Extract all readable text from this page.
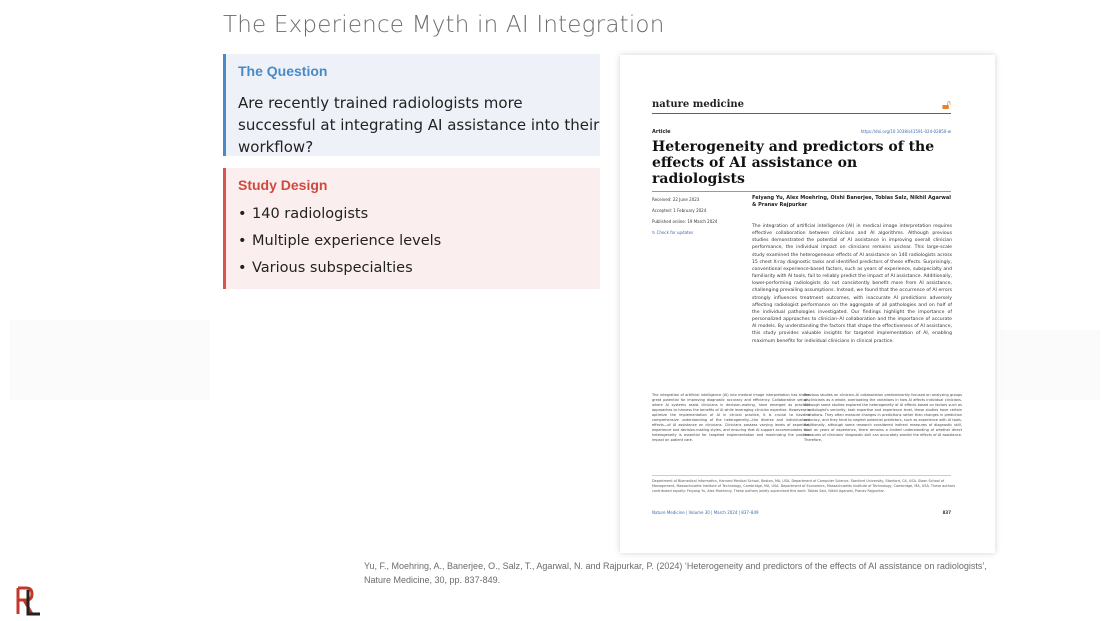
The Experience Myth in AI Integration
The Question

Are recently trained radiologists more successful at integrating AI assistance into their workflow?

Study Design
• 140 radiologists
• Multiple experience levels
• Various subspecialties
nature medicine	🔓︎
Article	https://doi.org/10.1038/s41591-024-02850-w
Heterogeneity and predictors of the effects of AI assistance on radiologists
Received: 22 June 2023
Accepted: 1 February 2024
Published online: 19 March 2024
↻ Check for updates
Feiyang Yu, Alex Moehring, Oishi Banerjee, Tobias Salz, Nikhil Agarwal & Pranav Rajpurkar
The integration of artificial intelligence (AI) in medical image interpretation requires effective collaboration between clinicians and AI algorithms. Although previous studies demonstrated the potential of AI assistance in improving overall clinician performance, the individual impact on clinicians remains unclear. This large-scale study examined the heterogeneous effects of AI assistance on 140 radiologists across 15 chest X-ray diagnostic tasks and identified predictors of these effects. Surprisingly, conventional experience-based factors, such as years of experience, subspecialty and familiarity with AI tools, fail to reliably predict the impact of AI assistance. Additionally, lower-performing radiologists do not consistently benefit more from AI assistance, challenging prevailing assumptions. Instead, we found that the occurrence of AI errors strongly influences treatment outcomes, with inaccurate AI predictions adversely affecting radiologist performance on the aggregate of all pathologies and on half of the individual pathologies investigated. Our findings highlight the importance of personalized approaches to clinician–AI collaboration and the importance of accurate AI models. By understanding the factors that shape the effectiveness of AI assistance, this study provides valuable insights for targeted implementation of AI, enabling maximum benefits for individual clinicians in clinical practice.
The integration of artificial intelligence (AI) into medical image interpretation has shown great potential for improving diagnostic accuracy and efficiency. Collaborative setups, where AI systems assist clinicians in decision-making, have emerged as practical approaches to harness the benefits of AI while leveraging clinician expertise. However, to optimize the implementation of AI in clinical practice, it is crucial to have a comprehensive understanding of the heterogeneity—the diverse and individualized effects—of AI assistance on clinicians. Clinicians possess varying levels of expertise, experience and decision-making styles, and ensuring that AI support accommodates this heterogeneity is essential for targeted implementation and maximizing the positive impact on patient care.
Previous studies on clinician–AI collaboration predominantly focused on analyzing groups of clinicians as a whole, overlooking the variations in how AI affects individual clinicians. Although some studies explored the heterogeneity of AI effects based on factors such as a radiologist's seniority, task expertise and experience level, these studies have certain limitations. They often measure changes in predictions rather than changes in prediction accuracy, and they tend to neglect potential predictors, such as experience with AI tools. Additionally, although some research considered indirect measures of diagnostic skill, such as years of experience, there remains a limited understanding of whether direct measures of clinicians' diagnostic skill can accurately predict the effects of AI assistance. Therefore,
Department of Biomedical Informatics, Harvard Medical School, Boston, MA, USA. Department of Computer Science, Stanford University, Stanford, CA, USA. Sloan School of Management, Massachusetts Institute of Technology, Cambridge, MA, USA. Department of Economics, Massachusetts Institute of Technology, Cambridge, MA, USA. These authors contributed equally: Feiyang Yu, Alex Moehring. These authors jointly supervised this work: Tobias Salz, Nikhil Agarwal, Pranav Rajpurkar.
Nature Medicine | Volume 30 | March 2024 | 837–849	837
Yu, F., Moehring, A., Banerjee, O., Salz, T., Agarwal, N. and Rajpurkar, P. (2024) ‘Heterogeneity and predictors of the effects of AI assistance on radiologists’, Nature Medicine, 30, pp. 837-849.
